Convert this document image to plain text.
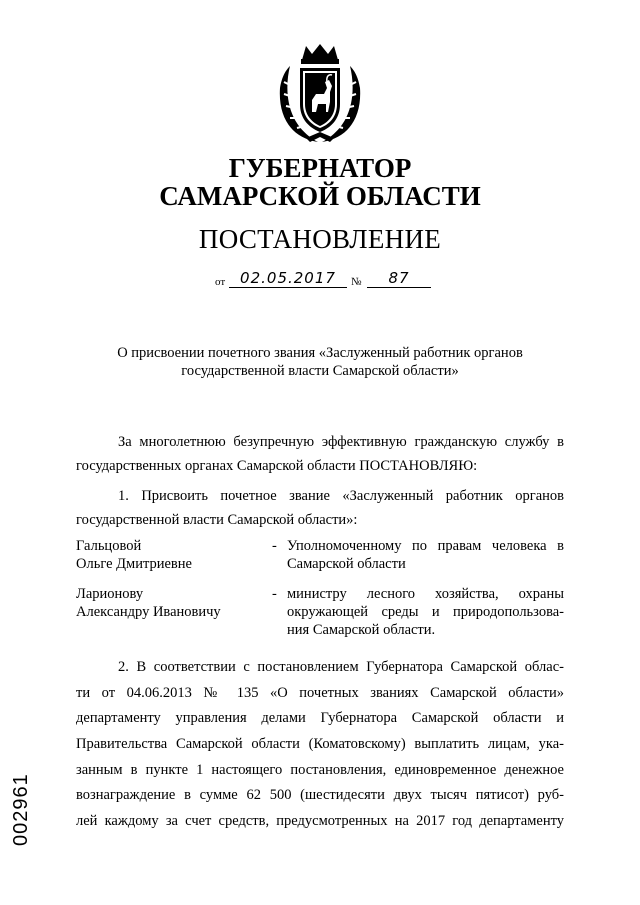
ГУБЕРНАТОР
САМАРСКОЙ ОБЛАСТИ
ПОСТАНОВЛЕНИЕ
от 02.05.2017	№	87
О присвоении почетного звания «Заслуженный работник органов
государственной власти Самарской области»
За многолетнюю безупречную эффективную гражданскую службу в
государственных органах Самарской области ПОСТАНОВЛЯЮ:
1. Присвоить почетное звание «Заслуженный работник органов
государственной власти Самарской области»:
Гальцовой
Ольге Дмитриевне
- Уполномоченному по правам человека в
Самарской области
Ларионову
Александру Ивановичу
- министру лесного хозяйства, охраны
окружающей среды и природопользова-
ния Самарской области.
2. В соответствии с постановлением Губернатора Самарской облас-
ти от 04.06.2013 № 135 «О почетных званиях Самарской области»
департаменту управления делами Губернатора Самарской области и
Правительства Самарской области (Коматовскому) выплатить лицам, ука-
занным в пункте 1 настоящего постановления, единовременное денежное
вознаграждение в сумме 62 500 (шестидесяти двух тысяч пятисот) руб-
лей каждому за счет средств, предусмотренных на 2017 год департаменту
002961
